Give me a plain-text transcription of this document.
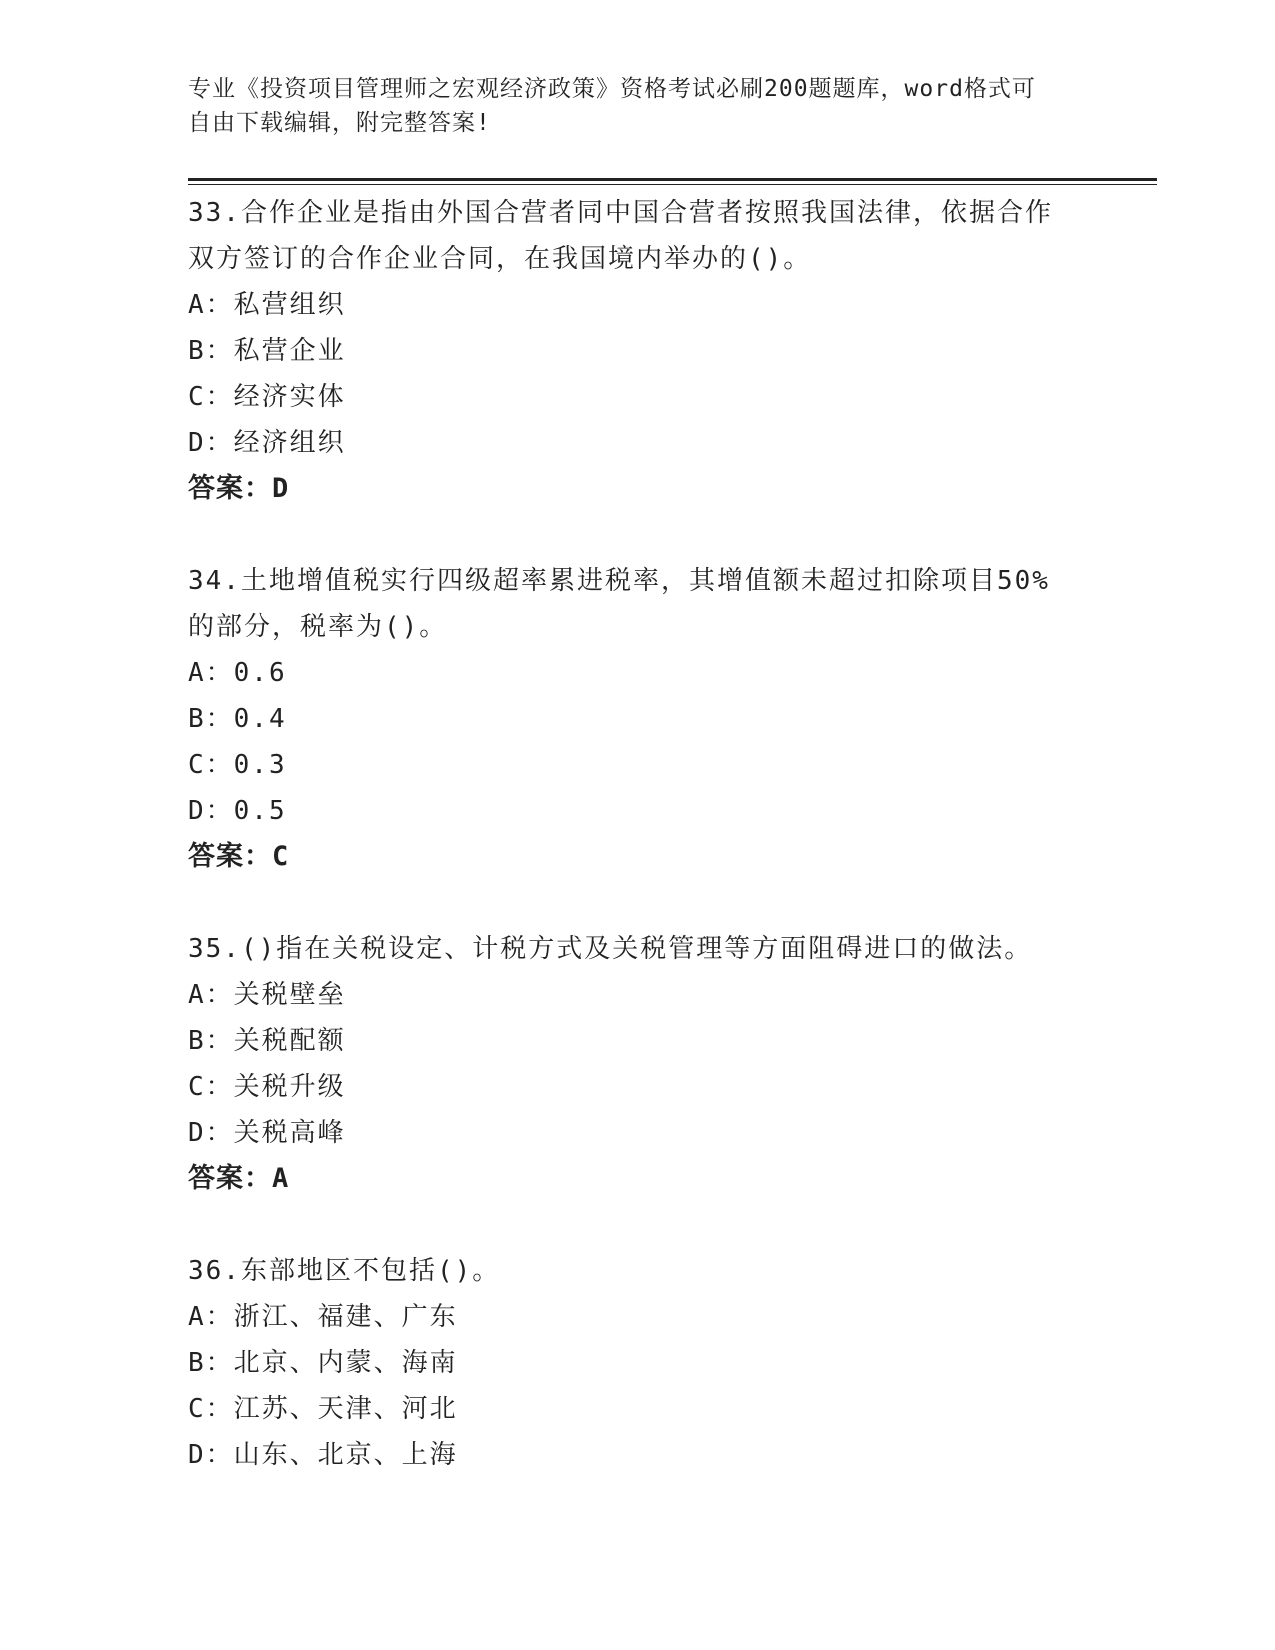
专业《投资项目管理师之宏观经济政策》资格考试必刷200题题库，word格式可
自由下载编辑，附完整答案!
33.合作企业是指由外国合营者同中国合营者按照我国法律，依据合作
双方签订的合作企业合同，在我国境内举办的()。
A：私营组织
B：私营企业
C：经济实体
D：经济组织
答案：D
34.土地增值税实行四级超率累进税率，其增值额未超过扣除项目50%
的部分，税率为()。
A：0.6
B：0.4
C：0.3
D：0.5
答案：C
35.()指在关税设定、计税方式及关税管理等方面阻碍进口的做法。
A：关税壁垒
B：关税配额
C：关税升级
D：关税高峰
答案：A
36.东部地区不包括()。
A：浙江、福建、广东
B：北京、内蒙、海南
C：江苏、天津、河北
D：山东、北京、上海
